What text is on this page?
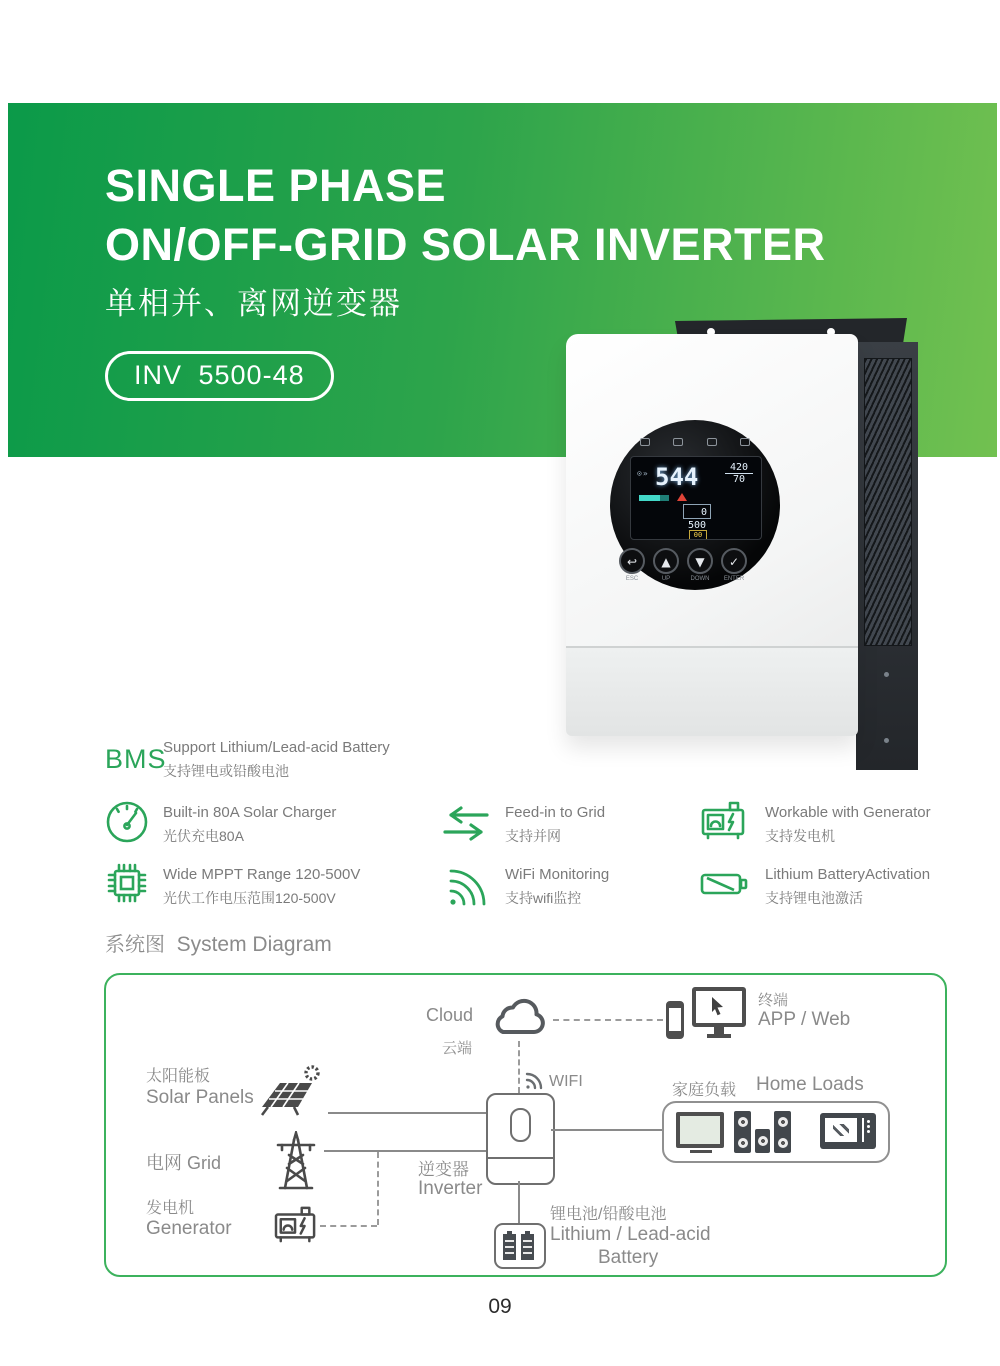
SINGLE PHASE
ON/OFF-GRID SOLAR INVERTER
单相并、离网逆变器
INV 5500-48
⊙» 544	$\frac{420}{70}$
0
500
00
↩
ESC
▲
UP
▼
DOWN
✓
ENTER
BMS
Support Lithium/Lead-acid Battery
支持锂电或铅酸电池
Built-in 80A Solar Charger
光伏充电80A
Feed-in to Grid
支持并网
Workable with Generator
支持发电机
Wide MPPT Range 120-500V
光伏工作电压范围120-500V
WiFi Monitoring
支持wifi监控
Lithium BatteryActivation
支持锂电池激活
系统图 System Diagram
Cloud
云端
终端
APP / Web
WIFI
太阳能板
Solar Panels
电网 Grid
发电机
Generator
逆变器
Inverter
家庭负载 Home Loads
锂电池/铅酸电池
Lithium / Lead-acid
Battery
09
